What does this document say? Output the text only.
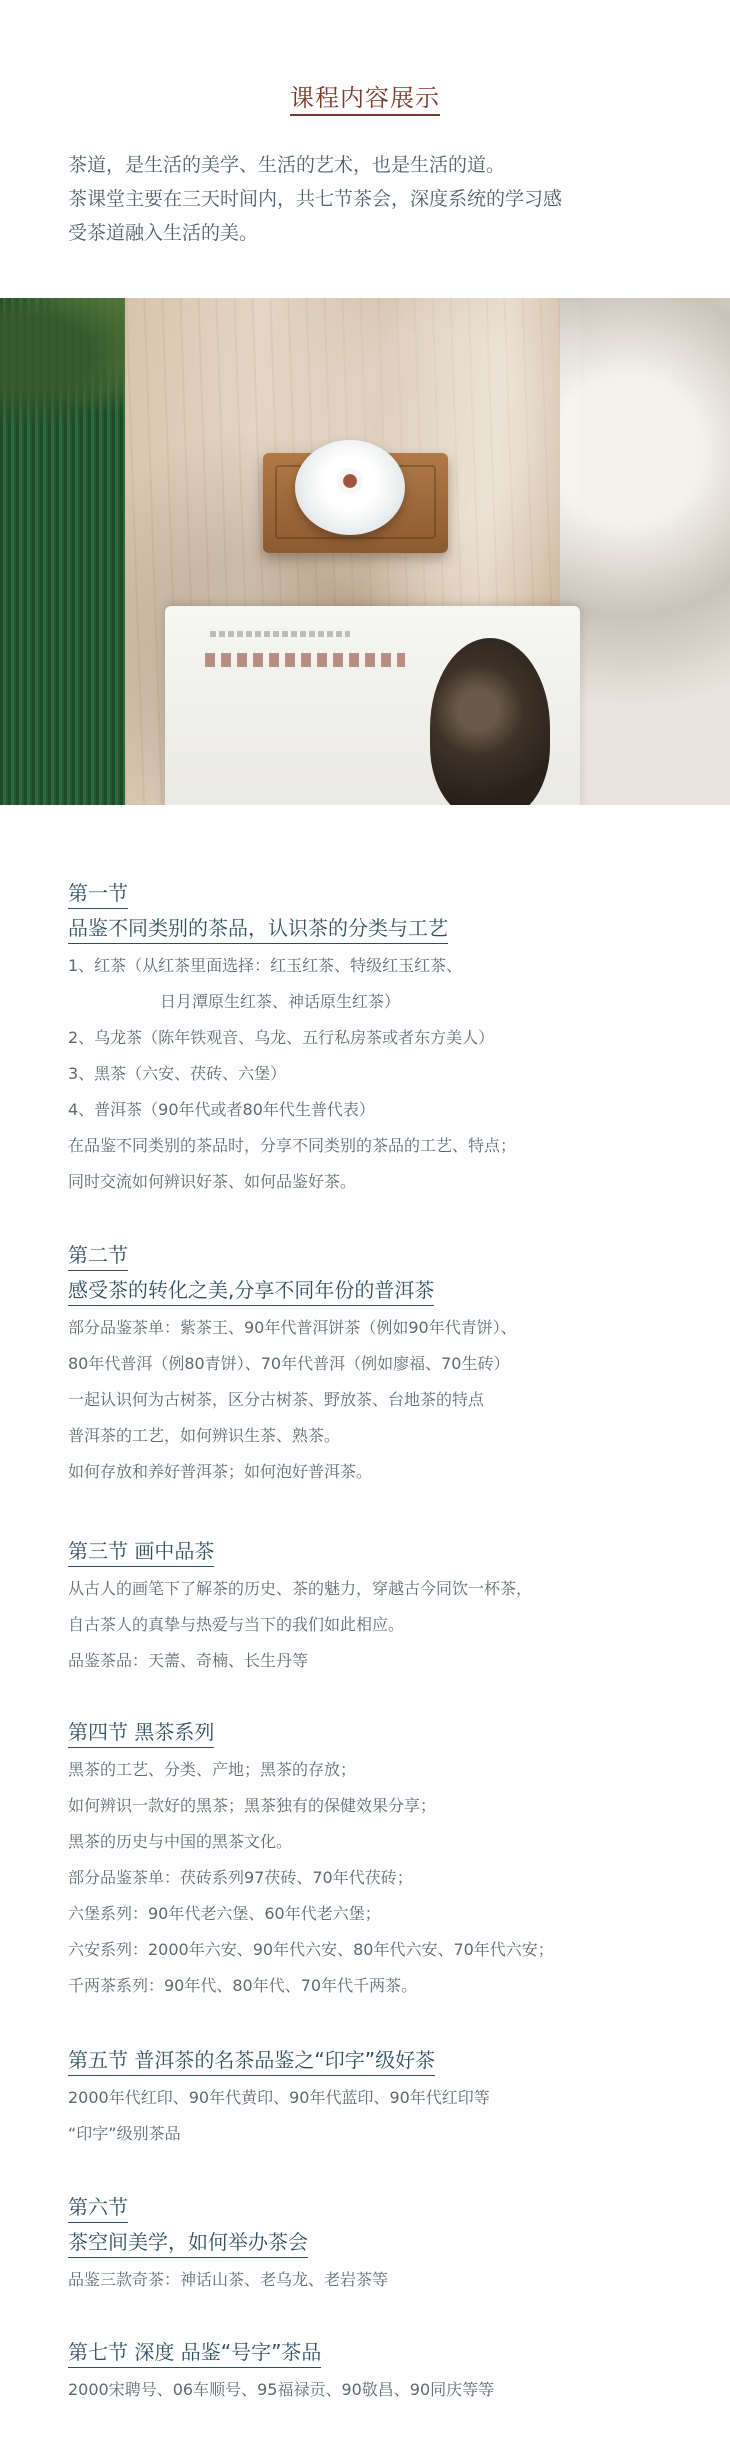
课程内容展示

茶道，是生活的美学、生活的艺术，也是生活的道。

茶课堂主要在三天时间内，共七节茶会，深度系统的学习感

受茶道融入生活的美。

第一节
品鉴不同类别的茶品，认识茶的分类与工艺
1、红茶（从红茶里面选择：红玉红茶、特级红玉红茶、
日月潭原生红茶、神话原生红茶）
2、乌龙茶（陈年铁观音、乌龙、五行私房茶或者东方美人）
3、黑茶（六安、茯砖、六堡）
4、普洱茶（90年代或者80年代生普代表）
在品鉴不同类别的茶品时，分享不同类别的茶品的工艺、特点；
同时交流如何辨识好茶、如何品鉴好茶。
第二节
感受茶的转化之美,分享不同年份的普洱茶
部分品鉴茶单：紫茶王、90年代普洱饼茶（例如90年代青饼）、
80年代普洱（例80青饼）、70年代普洱（例如廖福、70生砖）
一起认识何为古树茶，区分古树茶、野放茶、台地茶的特点
普洱茶的工艺，如何辨识生茶、熟茶。
如何存放和养好普洱茶；如何泡好普洱茶。
第三节 画中品茶
从古人的画笔下了解茶的历史、茶的魅力，穿越古今同饮一杯茶，
自古茶人的真挚与热爱与当下的我们如此相应。
品鉴茶品：天薷、奇楠、长生丹等
第四节 黑茶系列
黑茶的工艺、分类、产地；黑茶的存放；
如何辨识一款好的黑茶；黑茶独有的保健效果分享；
黑茶的历史与中国的黑茶文化。
部分品鉴茶单：茯砖系列97茯砖、70年代茯砖；
六堡系列：90年代老六堡、60年代老六堡；
六安系列：2000年六安、90年代六安、80年代六安、70年代六安；
千两茶系列：90年代、80年代、70年代千两茶。
第五节 普洱茶的名茶品鉴之“印字”级好茶
2000年代红印、90年代黄印、90年代蓝印、90年代红印等
“印字”级别茶品
第六节
茶空间美学，如何举办茶会
品鉴三款奇茶：神话山茶、老乌龙、老岩茶等
第七节 深度 品鉴“号字”茶品
2000宋聘号、06车顺号、95福禄贡、90敬昌、90同庆等等
